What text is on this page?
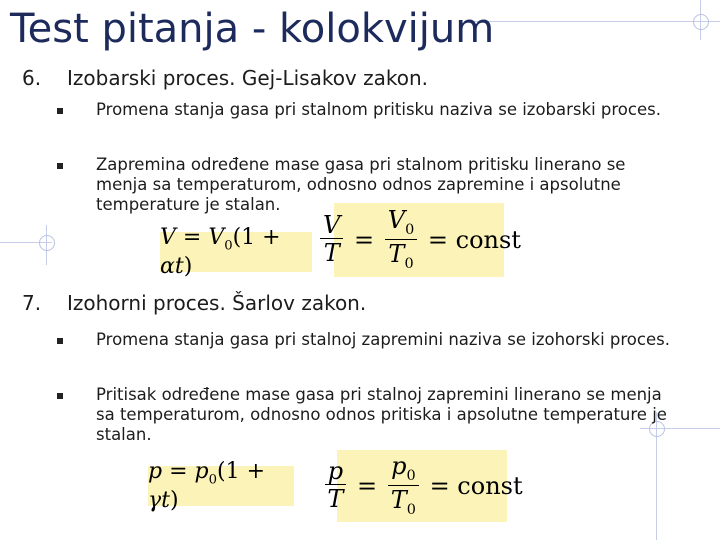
Test pitanja - kolokvijum
6. Izobarski proces. Gej-Lisakov zakon.
Promena stanja gasa pri stalnom pritisku naziva se izobarski proces.
Zapremina određene mase gasa pri stalnom pritisku linerano se menja sa temperaturom, odnosno odnos zapremine i apsolutne temperature je stalan.
$\frac{V}{T} = \frac{V_0}{T_0}$ = const
$V = V_0(1 + \alpha t)$
7. Izohorni proces. Šarlov zakon.
Promena stanja gasa pri stalnoj zapremini naziva se izohorski proces.
Pritisak određene mase gasa pri stalnoj zapremini linerano se menja sa temperaturom, odnosno odnos pritiska i apsolutne temperature je stalan.
$\frac{p}{T} = \frac{p_0}{T_0}$ = const
$p = p_0(1 + \gamma t)$
